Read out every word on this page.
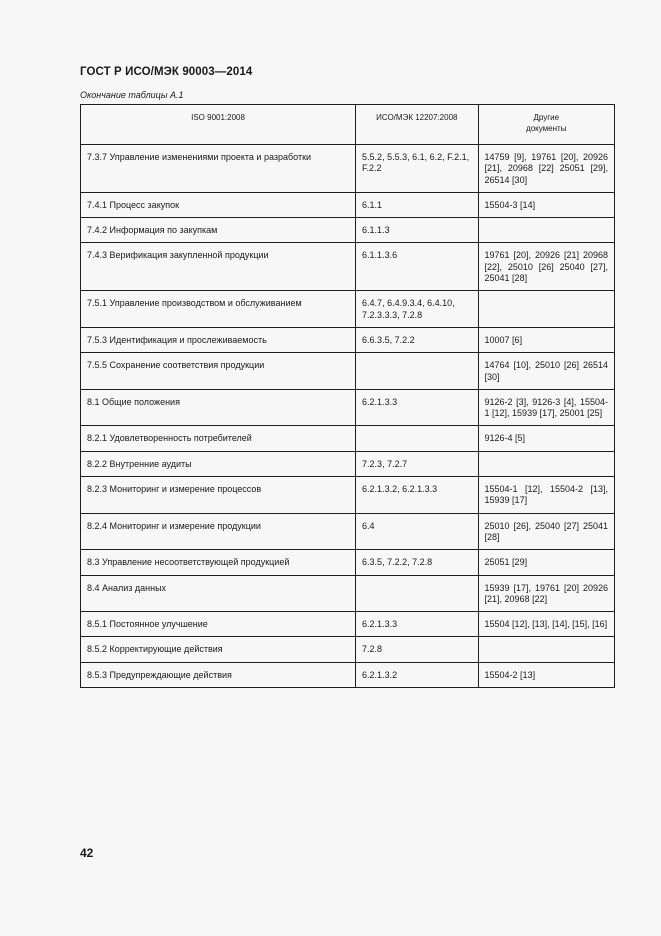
ГОСТ Р ИСО/МЭК 90003—2014
Окончание таблицы А.1
ISO 9001:2008	ИСО/МЭК 12207:2008	Другие
документы
7.3.7 Управление изменениями проекта и разработки	5.5.2, 5.5.3, 6.1, 6.2, F.2.1, F.2.2	14759 [9], 19761 [20], 20926 [21], 20968 [22] 25051 [29], 26514 [30]
7.4.1 Процесс закупок	6.1.1	15504-3 [14]
7.4.2 Информация по закупкам	6.1.1.3	
7.4.3 Верификация закупленной продукции	6.1.1.3.6	19761 [20], 20926 [21] 20968 [22], 25010 [26] 25040 [27], 25041 [28]
7.5.1 Управление производством и обслуживанием	6.4.7, 6.4.9.3.4, 6.4.10, 7.2.3.3.3, 7.2.8	
7.5.3 Идентификация и прослеживаемость	6.6.3.5, 7.2.2	10007 [6]
7.5.5 Сохранение соответствия продукции		14764 [10], 25010 [26] 26514 [30]
8.1 Общие положения	6.2.1.3.3	9126-2 [3], 9126-3 [4], 15504-1 [12], 15939 [17], 25001 [25]
8.2.1 Удовлетворенность потребителей		9126-4 [5]
8.2.2 Внутренние аудиты	7.2.3, 7.2.7	
8.2.3 Мониторинг и измерение процессов	6.2.1.3.2, 6.2.1.3.3	15504-1 [12], 15504-2 [13], 15939 [17]
8.2.4 Мониторинг и измерение продукции	6.4	25010 [26], 25040 [27] 25041 [28]
8.3 Управление несоответствующей продукцией	6.3.5, 7.2.2, 7.2.8	25051 [29]
8.4 Анализ данных		15939 [17], 19761 [20] 20926 [21], 20968 [22]
8.5.1 Постоянное улучшение	6.2.1.3.3	15504 [12], [13], [14], [15], [16]
8.5.2 Корректирующие действия	7.2.8	
8.5.3 Предупреждающие действия	6.2.1.3.2	15504-2 [13]
42
